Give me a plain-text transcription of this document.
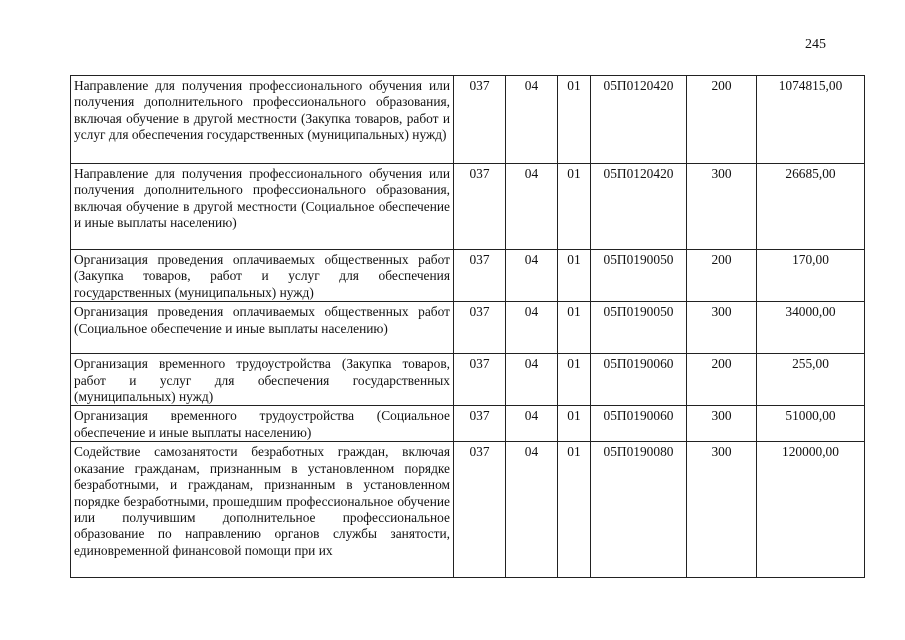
245
Направление для получения профессионального обучения или получения дополнительного профессионального образования, включая обучение в другой местности (Закупка товаров, работ и услуг для обеспечения государственных (муниципальных) нужд)	037	04	01	05П0120420	200	1074815,00
Направление для получения профессионального обучения или получения дополнительного профессионального образования, включая обучение в другой местности (Социальное обеспечение и иные выплаты населению)	037	04	01	05П0120420	300	26685,00
Организация проведения оплачиваемых общественных работ (Закупка товаров, работ и услуг для обеспечения государственных (муниципальных) нужд)	037	04	01	05П0190050	200	170,00
Организация проведения оплачиваемых общественных работ (Социальное обеспечение и иные выплаты населению)	037	04	01	05П0190050	300	34000,00
Организация временного трудоустройства (Закупка товаров, работ и услуг для обеспечения государственных (муниципальных) нужд)	037	04	01	05П0190060	200	255,00
Организация временного трудоустройства (Социальное обеспечение и иные выплаты населению)	037	04	01	05П0190060	300	51000,00
Содействие самозанятости безработных граждан, включая оказание гражданам, признанным в установленном порядке безработными, и гражданам, признанным в установленном порядке безработными, прошедшим профессиональное обучение или получившим дополнительное профессиональное образование по направлению органов службы занятости, единовременной финансовой помощи при их	037	04	01	05П0190080	300	120000,00
